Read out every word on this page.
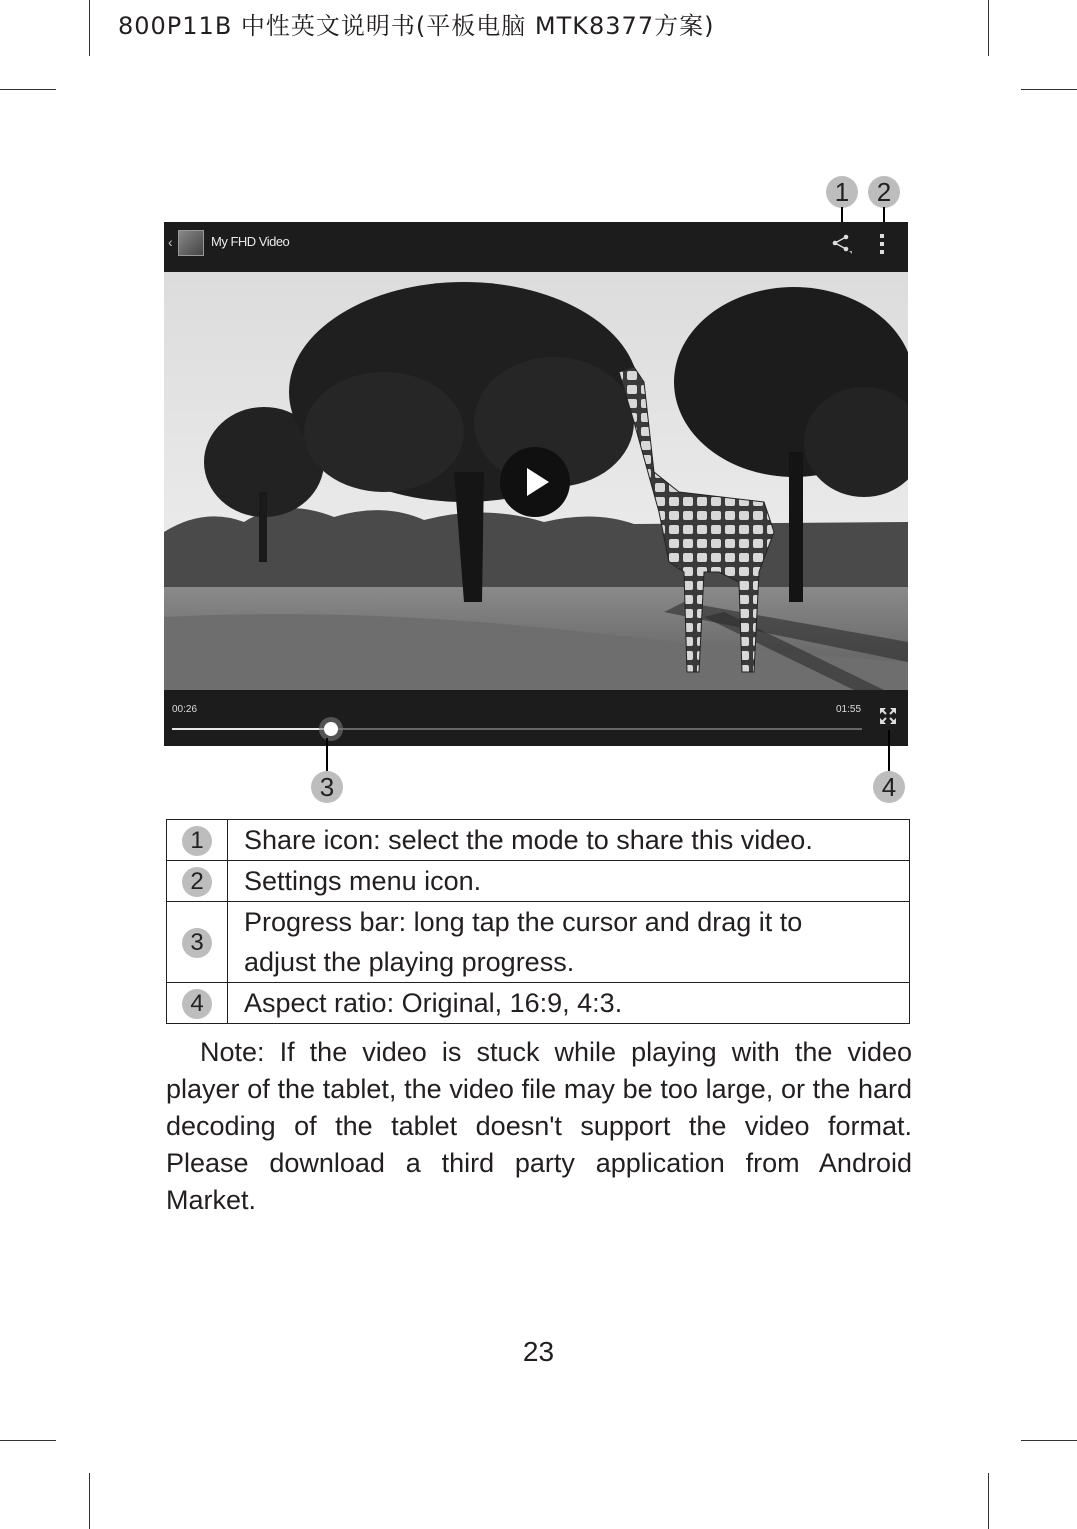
800P11B 中性英文说明书(平板电脑 MTK8377方案)
1	2
‹	My FHD Video
00:26	01:55
3	4
1	Share icon: select the mode to share this video.
2	Settings menu icon.
3	Progress bar: long tap the cursor and drag it to
adjust the playing progress.
4	Aspect ratio: Original, 16:9, 4:3.
Note: If the video is stuck while playing with the video player of the tablet, the video file may be too large, or the hard decoding of the tablet doesn't support the video format. Please download a third party application from Android Market.
23
